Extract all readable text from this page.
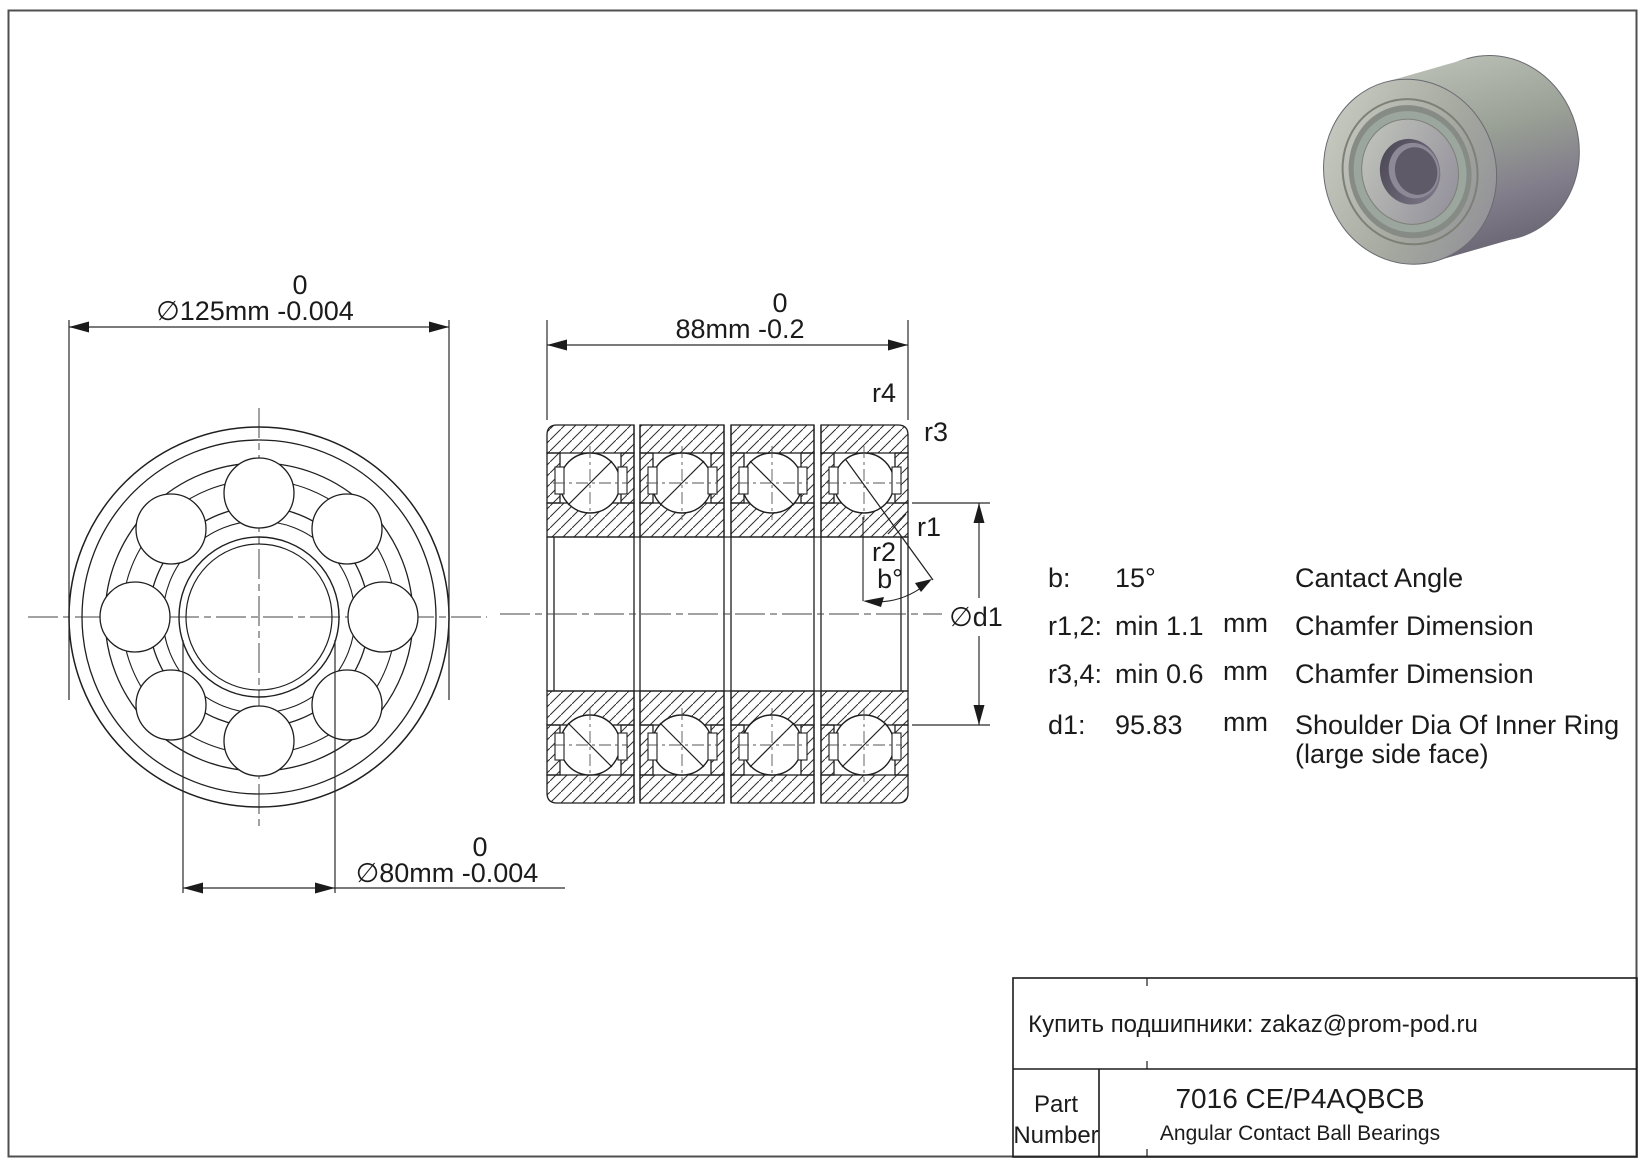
0
∅125mm -0.004
0
∅80mm -0.004
0
88mm -0.2
r4
r3
r1
r2
b°
∅d1
b: 15°	Cantact Angle
r1,2: min 1.1 mm Chamfer Dimension
r3,4: min 0.6 mm Chamfer Dimension
d1: 95.83 mm Shoulder Dia Of Inner Ring
(large side face)
Купить подшипники: zakaz@prom-pod.ru
Part
Number
7016 CE/P4AQBCB
Angular Contact Ball Bearings
